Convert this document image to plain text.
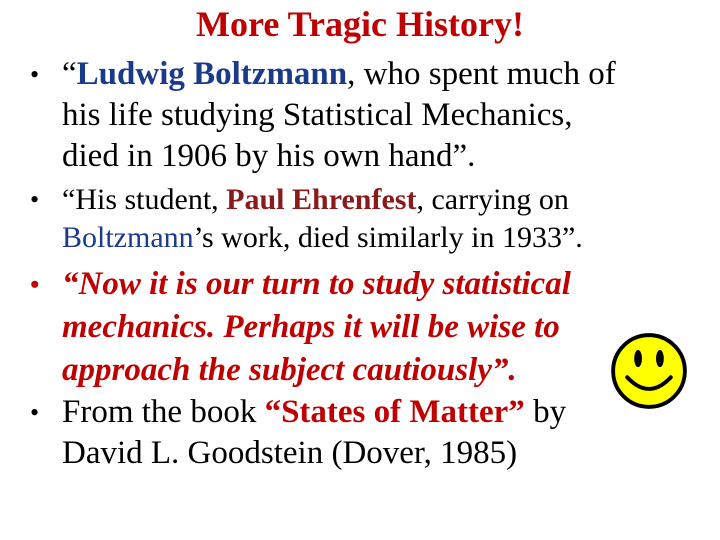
More Tragic History!
• “Ludwig Boltzmann, who spent much of
his life studying Statistical Mechanics,
died in 1906 by his own hand”.
• “His student, Paul Ehrenfest, carrying on
Boltzmann’s work, died similarly in 1933”.
• “Now it is our turn to study statistical
mechanics. Perhaps it will be wise to
approach the subject cautiously”.
• From the book “States of Matter” by
David L. Goodstein (Dover, 1985)
